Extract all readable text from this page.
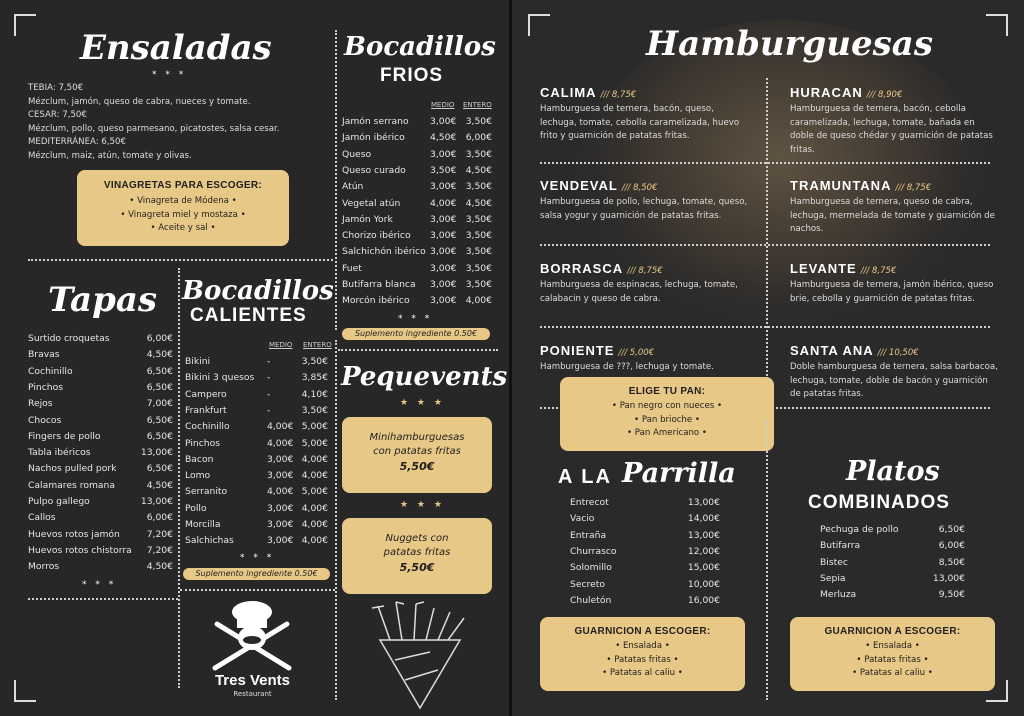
Ensaladas
* * *
TEBIA: 7,50€
Mézclum, jamón, queso de cabra, nueces y tomate.
CESAR: 7,50€
Mézclum, pollo, queso parmesano, picatostes, salsa cesar.
MEDITERRÁNEA: 6,50€
Mézclum, maiz, atún, tomate y olivas.
VINAGRETAS PARA ESCOGER:
• Vinagreta de Módena •
• Vinagreta miel y mostaza •
• Aceite y sal •
Tapas
Surtido croquetas	6,00€
Bravas	4,50€
Cochinillo	6,50€
Pinchos	6,50€
Rejos	7,00€
Chocos	6,50€
Fingers de pollo	6,50€
Tabla ibéricos	13,00€
Nachos pulled pork	6,50€
Calamares romana	4,50€
Pulpo gallego	13,00€
Callos	6,00€
Huevos rotos jamón	7,20€
Huevos rotos chistorra 7,20€
Morros	4,50€
* * *
Bocadillos
CALIENTES
MEDIO ENTERO
Bikini	-	3,50€
Bikini 3 quesos -	3,85€
Campero	-	4,10€
Frankfurt	-	3,50€
Cochinillo	4,00€ 5,00€
Pinchos	4,00€ 5,00€
Bacon	3,00€ 4,00€
Lomo	3,00€ 4,00€
Serranito	4,00€ 5,00€
Pollo	3,00€ 4,00€
Morcilla	3,00€ 4,00€
Salchichas	3,00€ 4,00€
* * *
Suplemento ingrediente 0.50€
Bocadillos
FRIOS
MEDIO ENTERO
Jamón serrano 3,00€ 3,50€
Jamón ibérico	4,50€ 6,00€
Queso	3,00€ 3,50€
Queso curado	3,50€ 4,50€
Atún	3,00€ 3,50€
Vegetal atún	4,00€ 4,50€
Jamón York	3,00€ 3,50€
Chorizo ibérico 3,00€ 3,50€
Salchichón ibérico 3,00€ 3,50€
Fuet	3,00€ 3,50€
Butifarra blanca 3,00€ 3,50€
Morcón ibérico 3,00€ 4,00€
* * *
Suplemento ingrediente 0.50€
Pequevents
★ ★ ★
Minihamburguesas
con patatas fritas
5,50€
★ ★ ★
Nuggets con
patatas fritas
5,50€
Tres Vents
Restaurant
Hamburguesas
CALIMA /// 8,75€
Hamburguesa de ternera, bacón, queso, lechuga, tomate, cebolla caramelizada, huevo frito y guarnición de patatas fritas.
HURACAN /// 8,90€
Hamburguesa de ternera, bacón, cebolla caramelizada, lechuga, tomate, bañada en doble de queso chédar y guarnición de patatas fritas.
VENDEVAL /// 8,50€
Hamburguesa de pollo, lechuga, tomate, queso, salsa yogur y guarnición de patatas fritas.
TRAMUNTANA /// 8,75€
Hamburguesa de ternera, queso de cabra, lechuga, mermelada de tomate y guarnición de nachos.
BORRASCA /// 8,75€
Hamburguesa de espinacas, lechuga, tomate, calabacin y queso de cabra.
LEVANTE /// 8,75€
Hamburguesa de ternera, jamón ibérico, queso brie, cebolla y guarnición de patatas fritas.
PONIENTE /// 5,00€
Hamburguesa de ???, lechuga y tomate.
SANTA ANA /// 10,50€
Doble hamburguesa de ternera, salsa barbacoa, lechuga, tomate, doble de bacón y guarnición de patatas fritas.
ELIGE TU PAN:
• Pan negro con nueces •
• Pan brioche •
• Pan Americano •
A LA Parrilla
Entrecot	13,00€
Vacio	14,00€
Entraña	13,00€
Churrasco	12,00€
Solomillo	15,00€
Secreto	10,00€
Chuletón	16,00€
GUARNICION A ESCOGER:
• Ensalada •
• Patatas fritas •
• Patatas al caliu •
Platos
COMBINADOS
Pechuga de pollo	6,50€
Butifarra	6,00€
Bistec	8,50€
Sepia	13,00€
Merluza	9,50€
GUARNICION A ESCOGER:
• Ensalada •
• Patatas fritas •
• Patatas al caliu •
